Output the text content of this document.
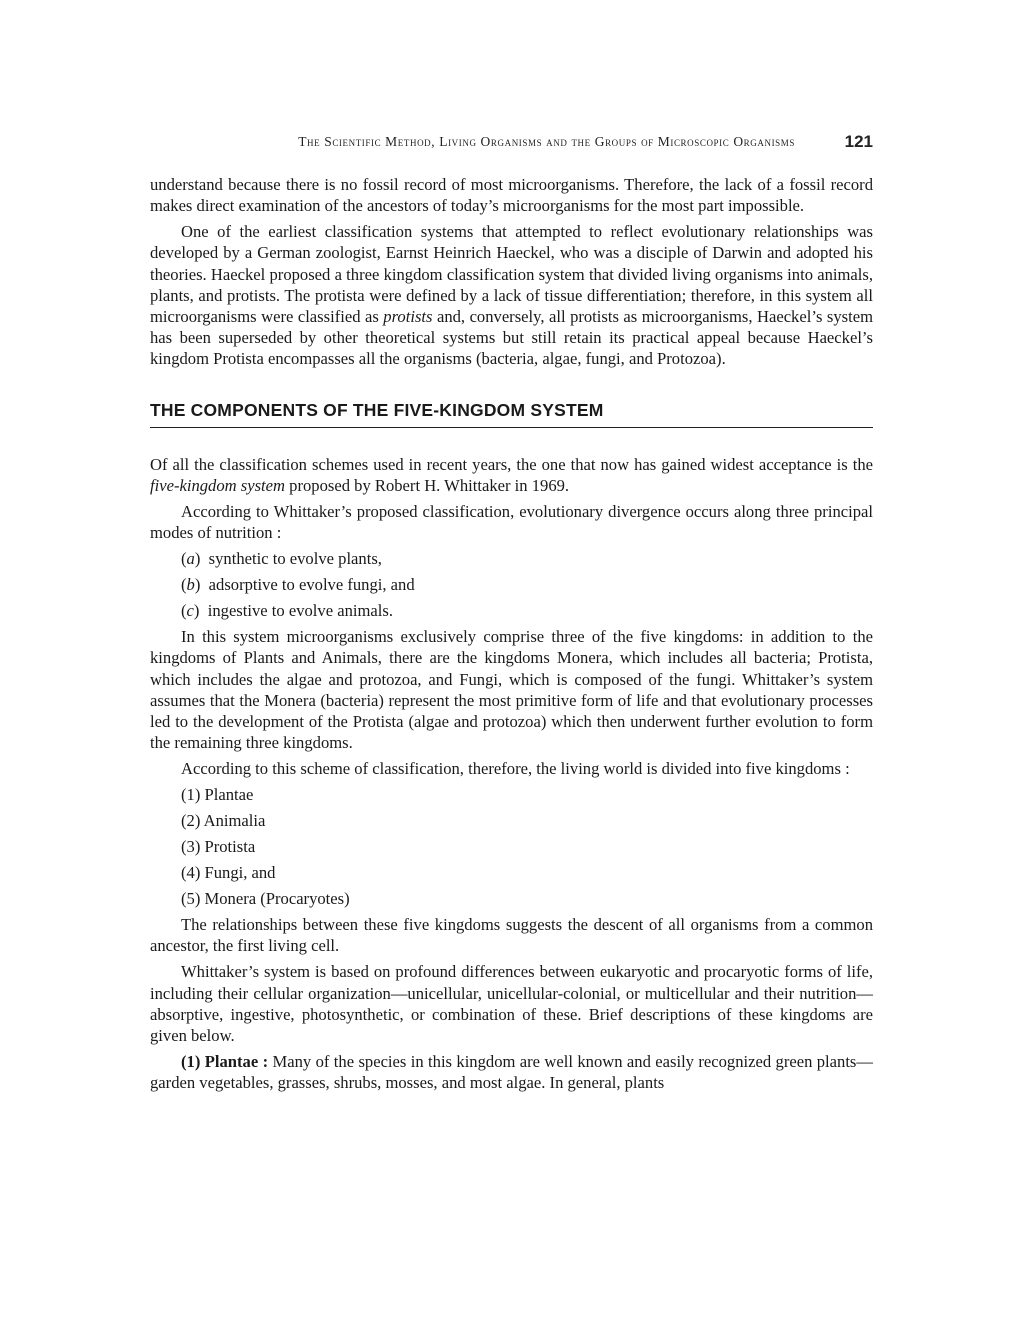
The Scientific Method, Living Organisms and the Groups of Microscopic Organisms	121

understand because there is no fossil record of most microorganisms. Therefore, the lack of a fossil record makes direct examination of the ancestors of today’s microorganisms for the most part impossible.

One of the earliest classification systems that attempted to reflect evolutionary relationships was developed by a German zoologist, Earnst Heinrich Haeckel, who was a disciple of Darwin and adopted his theories. Haeckel proposed a three kingdom classification system that divided living organisms into animals, plants, and protists. The protista were defined by a lack of tissue differentiation; therefore, in this system all microorganisms were classified as protists and, conversely, all protists as microorganisms, Haeckel’s system has been superseded by other theoretical systems but still retain its practical appeal because Haeckel’s kingdom Protista encompasses all the organisms (bacteria, algae, fungi, and Protozoa).

THE COMPONENTS OF THE FIVE-KINGDOM SYSTEM

Of all the classification schemes used in recent years, the one that now has gained widest acceptance is the five-kingdom system proposed by Robert H. Whittaker in 1969.

According to Whittaker’s proposed classification, evolutionary divergence occurs along three principal modes of nutrition :

(a)  synthetic to evolve plants,

(b)  adsorptive to evolve fungi, and

(c)  ingestive to evolve animals.

In this system microorganisms exclusively comprise three of the five kingdoms: in addition to the kingdoms of Plants and Animals, there are the kingdoms Monera, which includes all bacteria; Protista, which includes the algae and protozoa, and Fungi, which is composed of the fungi. Whittaker’s system assumes that the Monera (bacteria) represent the most primitive form of life and that evolutionary processes led to the development of the Protista (algae and protozoa) which then underwent further evolution to form the remaining three kingdoms.

According to this scheme of classification, therefore, the living world is divided into five kingdoms :

(1) Plantae

(2) Animalia

(3) Protista

(4) Fungi, and

(5) Monera (Procaryotes)

The relationships between these five kingdoms suggests the descent of all organisms from a common ancestor, the first living cell.

Whittaker’s system is based on profound differences between eukaryotic and procaryotic forms of life, including their cellular organization—unicellular, unicellular-colonial, or multicellular and their nutrition—absorptive, ingestive, photosynthetic, or combination of these. Brief descriptions of these kingdoms are given below.

(1) Plantae : Many of the species in this kingdom are well known and easily recognized green plants—garden vegetables, grasses, shrubs, mosses, and most algae. In general, plants
